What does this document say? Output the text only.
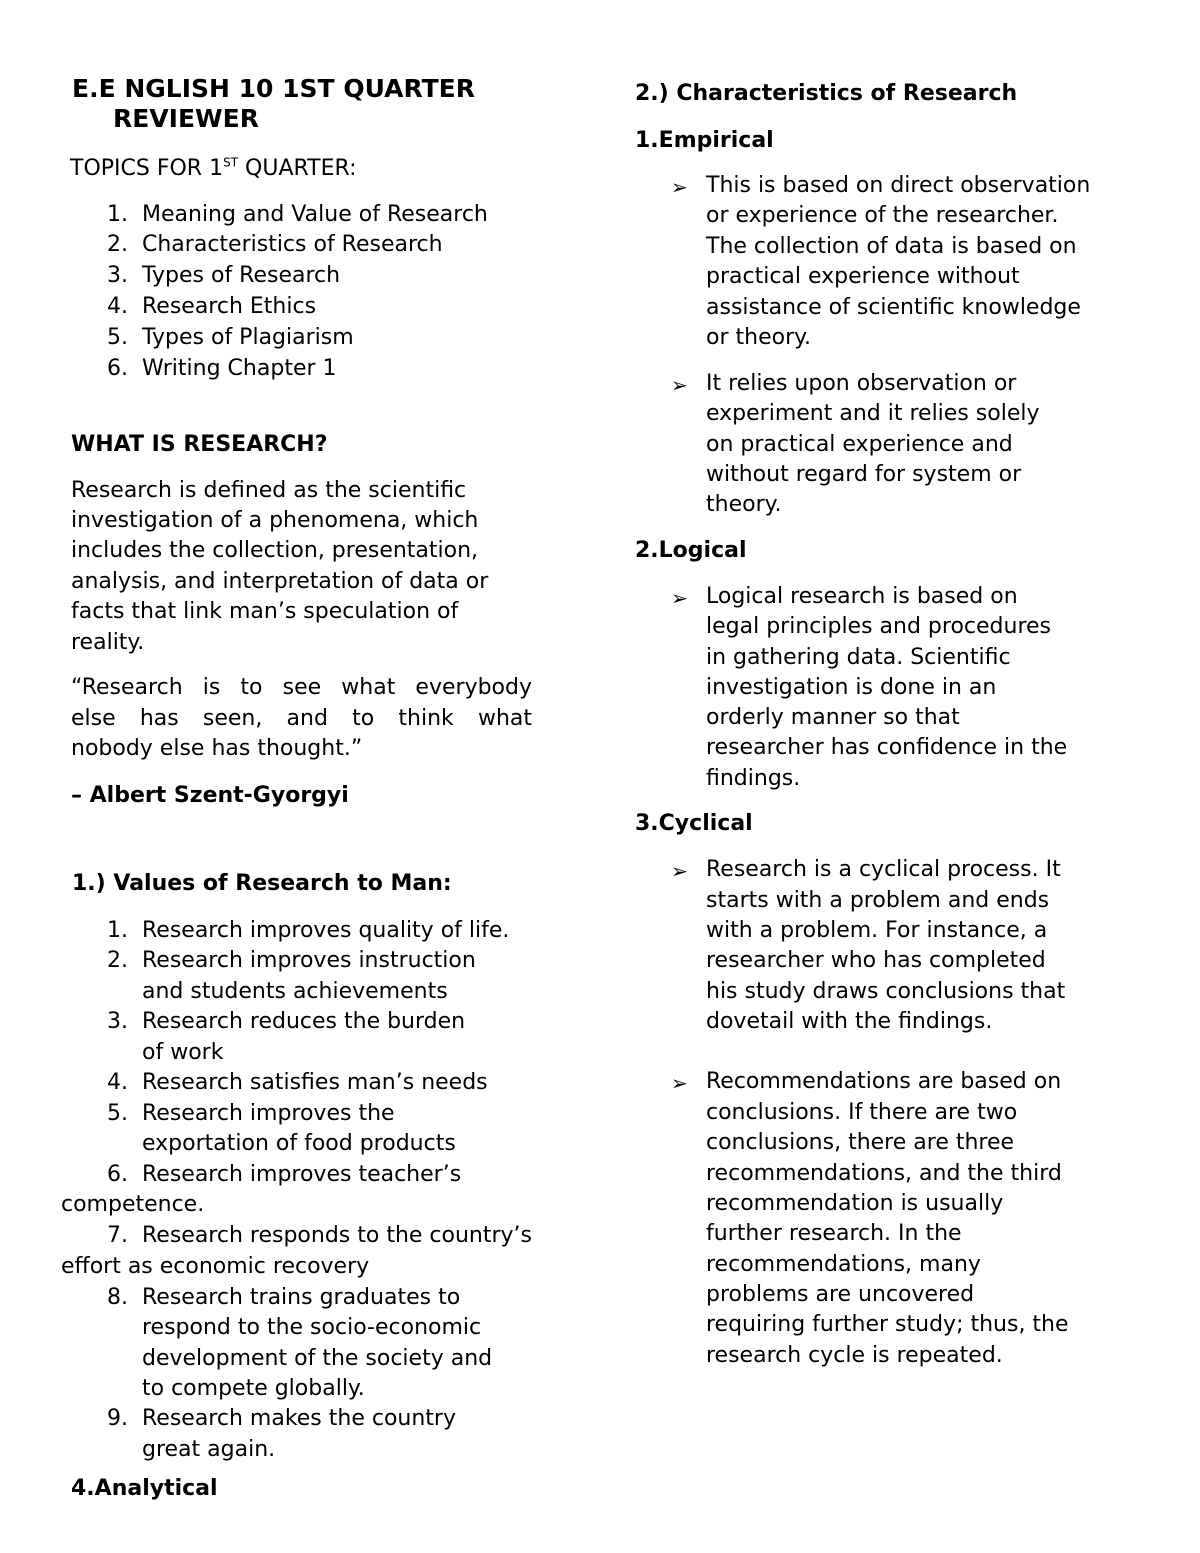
E.E NGLISH 10 1ST QUARTER
REVIEWER
TOPICS FOR 1ST QUARTER:
1. Meaning and Value of Research
2. Characteristics of Research
3. Types of Research
4. Research Ethics
5. Types of Plagiarism
6. Writing Chapter 1
WHAT IS RESEARCH?
Research is defined as the scientific
investigation of a phenomena, which
includes the collection, presentation,
analysis, and interpretation of data or
facts that link man’s speculation of
reality.
“Research is to see what everybody
else has seen, and to think what
nobody else has thought.”
– Albert Szent-Gyorgyi
1.) Values of Research to Man:
1. Research improves quality of life.
2. Research improves instruction
and students achievements
3. Research reduces the burden
of work
4. Research satisfies man’s needs
5. Research improves the
exportation of food products
6. Research improves teacher’s
competence.
7. Research responds to the country’s
effort as economic recovery
8. Research trains graduates to
respond to the socio-economic
development of the society and
to compete globally.
9. Research makes the country
great again.
4.Analytical
2.) Characteristics of Research
1.Empirical
➢ This is based on direct observation
or experience of the researcher.
The collection of data is based on
practical experience without
assistance of scientific knowledge
or theory.
➢ It relies upon observation or
experiment and it relies solely
on practical experience and
without regard for system or
theory.
2.Logical
➢ Logical research is based on
legal principles and procedures
in gathering data. Scientific
investigation is done in an
orderly manner so that
researcher has confidence in the
findings.
3.Cyclical
➢ Research is a cyclical process. It
starts with a problem and ends
with a problem. For instance, a
researcher who has completed
his study draws conclusions that
dovetail with the findings.
➢ Recommendations are based on
conclusions. If there are two
conclusions, there are three
recommendations, and the third
recommendation is usually
further research. In the
recommendations, many
problems are uncovered
requiring further study; thus, the
research cycle is repeated.
